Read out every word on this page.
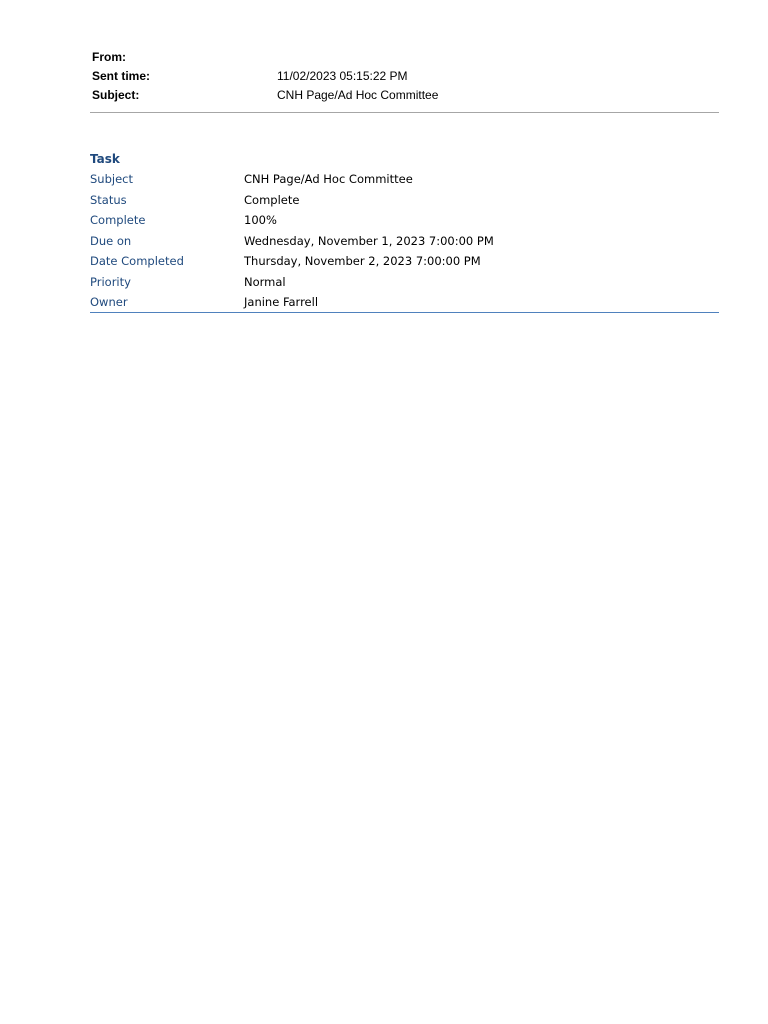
From:
Sent time:	11/02/2023 05:15:22 PM
Subject:	CNH Page/Ad Hoc Committee
Task
Subject	CNH Page/Ad Hoc Committee
Status	Complete
Complete	100%
Due on	Wednesday, November 1, 2023 7:00:00 PM
Date Completed	Thursday, November 2, 2023 7:00:00 PM
Priority	Normal
Owner	Janine Farrell
